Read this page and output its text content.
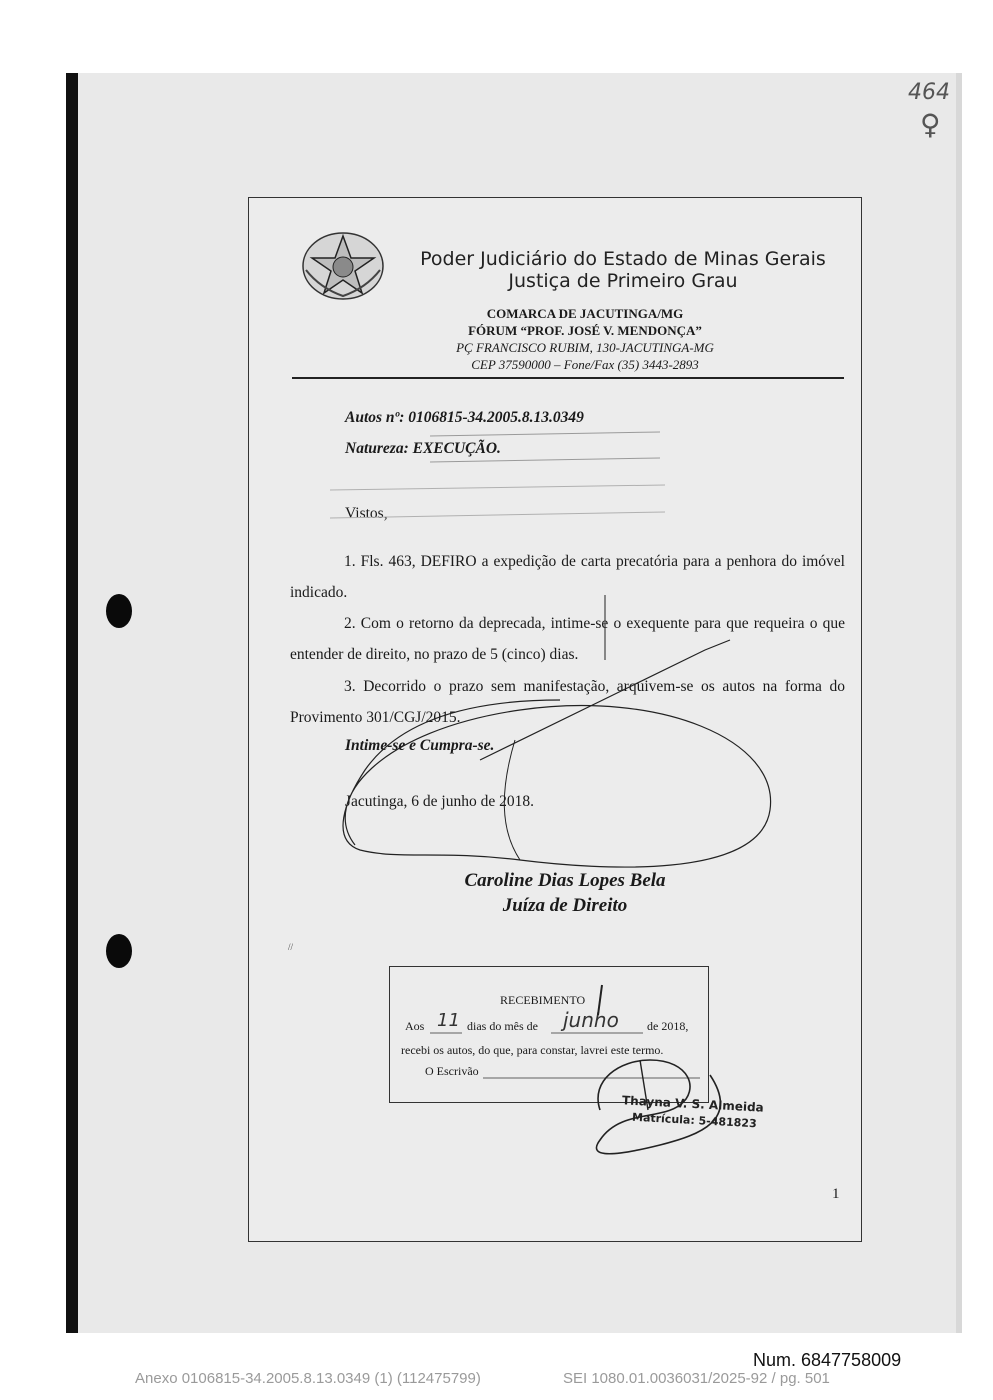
464
♀
Poder Judiciário do Estado de Minas Gerais
Justiça de Primeiro Grau
COMARCA DE JACUTINGA/MG
FÓRUM “PROF. JOSÉ V. MENDONÇA”
PÇ FRANCISCO RUBIM, 130-JACUTINGA-MG
CEP 37590000 – Fone/Fax (35) 3443-2893
Autos nº: 0106815-34.2005.8.13.0349
Natureza: EXECUÇÃO.
Vistos,

1. Fls. 463, DEFIRO a expedição de carta precatória para a penhora do imóvel indicado.

2. Com o retorno da deprecada, intime-se o exequente para que requeira o que entender de direito, no prazo de 5 (cinco) dias.

3. Decorrido o prazo sem manifestação, arquivem-se os autos na forma do Provimento 301/CGJ/2015.

Intime-se e Cumpra-se.
Jacutinga, 6 de junho de 2018.
Caroline Dias Lopes Bela
Juíza de Direito
//
RECEBIMENTO
Aos 11 dias do mês de junho de 2018,
recebi os autos, do que, para constar, lavrei este termo.
O Escrivão
Thayna V. S. Almeida
Matrícula: 5-481823
1
Num. 6847758009
Anexo 0106815-34.2005.8.13.0349 (1) (112475799)	SEI 1080.01.0036031/2025-92 / pg. 501
